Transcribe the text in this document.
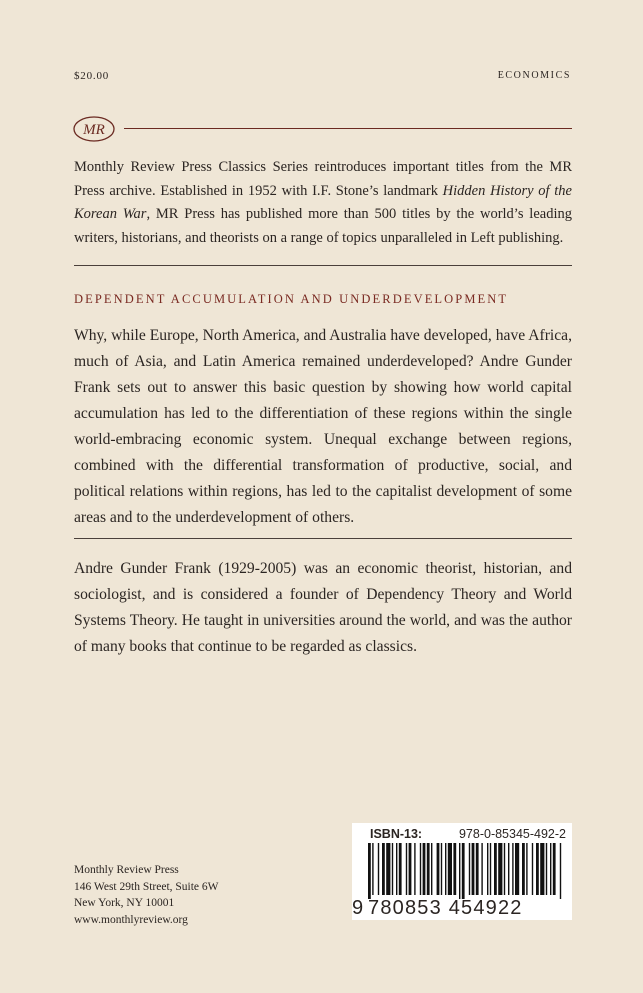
$20.00	ECONOMICS
MR
Monthly Review Press Classics Series reintroduces important titles from the MR Press archive. Established in 1952 with I.F. Stone’s landmark Hidden History of the Korean War, MR Press has published more than 500 titles by the world’s leading writers, historians, and theorists on a range of topics unparalleled in Left publishing.
DEPENDENT ACCUMULATION AND UNDERDEVELOPMENT
Why, while Europe, North America, and Australia have developed, have Africa, much of Asia, and Latin America remained underdeveloped? Andre Gunder Frank sets out to answer this basic question by showing how world capital accumulation has led to the differentiation of these regions within the single world-embracing economic system. Unequal exchange between regions, combined with the differential transformation of productive, social, and political relations within regions, has led to the capitalist development of some areas and to the underdevelopment of others.
Andre Gunder Frank (1929-2005) was an economic theorist, historian, and sociologist, and is considered a founder of Dependency Theory and World Systems Theory. He taught in universities around the world, and was the author of many books that continue to be regarded as classics.
Monthly Review Press
146 West 29th Street, Suite 6W
New York, NY 10001
www.monthlyreview.org
ISBN-13:	978-0-85345-492-2
9 780853 454922
